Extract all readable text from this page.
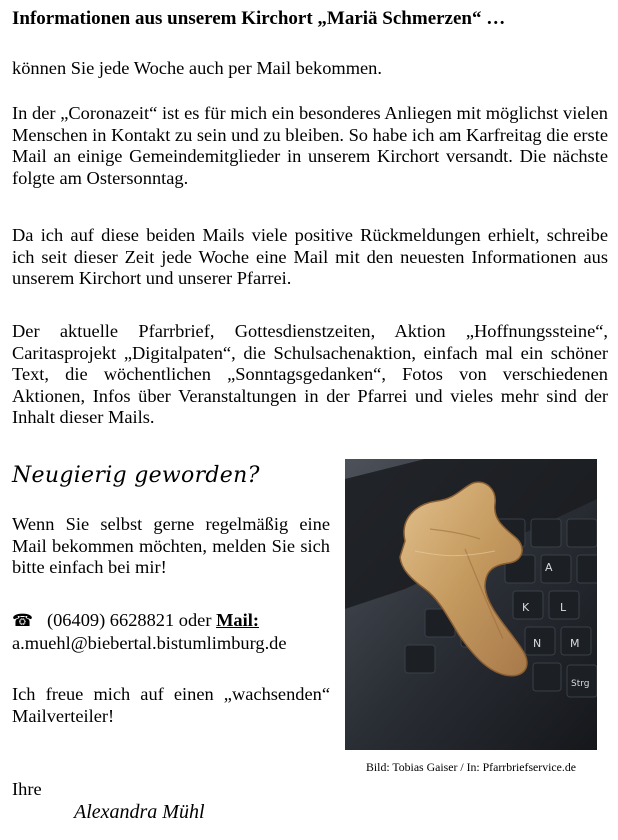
Informationen aus unserem Kirchort „Mariä Schmerzen“ …
können Sie jede Woche auch per Mail bekommen.
In der „Coronazeit“ ist es für mich ein besonderes Anliegen mit möglichst vielen Menschen in Kontakt zu sein und zu bleiben. So habe ich am Karfreitag die erste Mail an einige Gemeindemitglieder in unserem Kirchort versandt. Die nächste folgte am Ostersonntag.
Da ich auf diese beiden Mails viele positive Rückmeldungen erhielt, schreibe ich seit dieser Zeit jede Woche eine Mail mit den neuesten Informationen aus unserem Kirchort und unserer Pfarrei.
Der aktuelle Pfarrbrief, Gottesdienstzeiten, Aktion „Hoffnungssteine“, Caritasprojekt „Digitalpaten“, die Schulsachenaktion, einfach mal ein schöner Text, die wöchentlichen „Sonntagsgedanken“, Fotos von verschiedenen Aktionen, Infos über Veranstaltungen in der Pfarrei und vieles mehr sind der Inhalt dieser Mails.
Neugierig geworden?
Wenn Sie selbst gerne regelmäßig eine Mail bekommen möchten, melden Sie sich bitte einfach bei mir!
☎ (06409) 6628821 oder Mail:
a.muehl@biebertal.bistumlimburg.de
Ich freue mich auf einen „wachsenden“ Mailverteiler!
A
K	L
N	M
Strg
Bild: Tobias Gaiser / In: Pfarrbriefservice.de
Ihre
Alexandra Mühl
